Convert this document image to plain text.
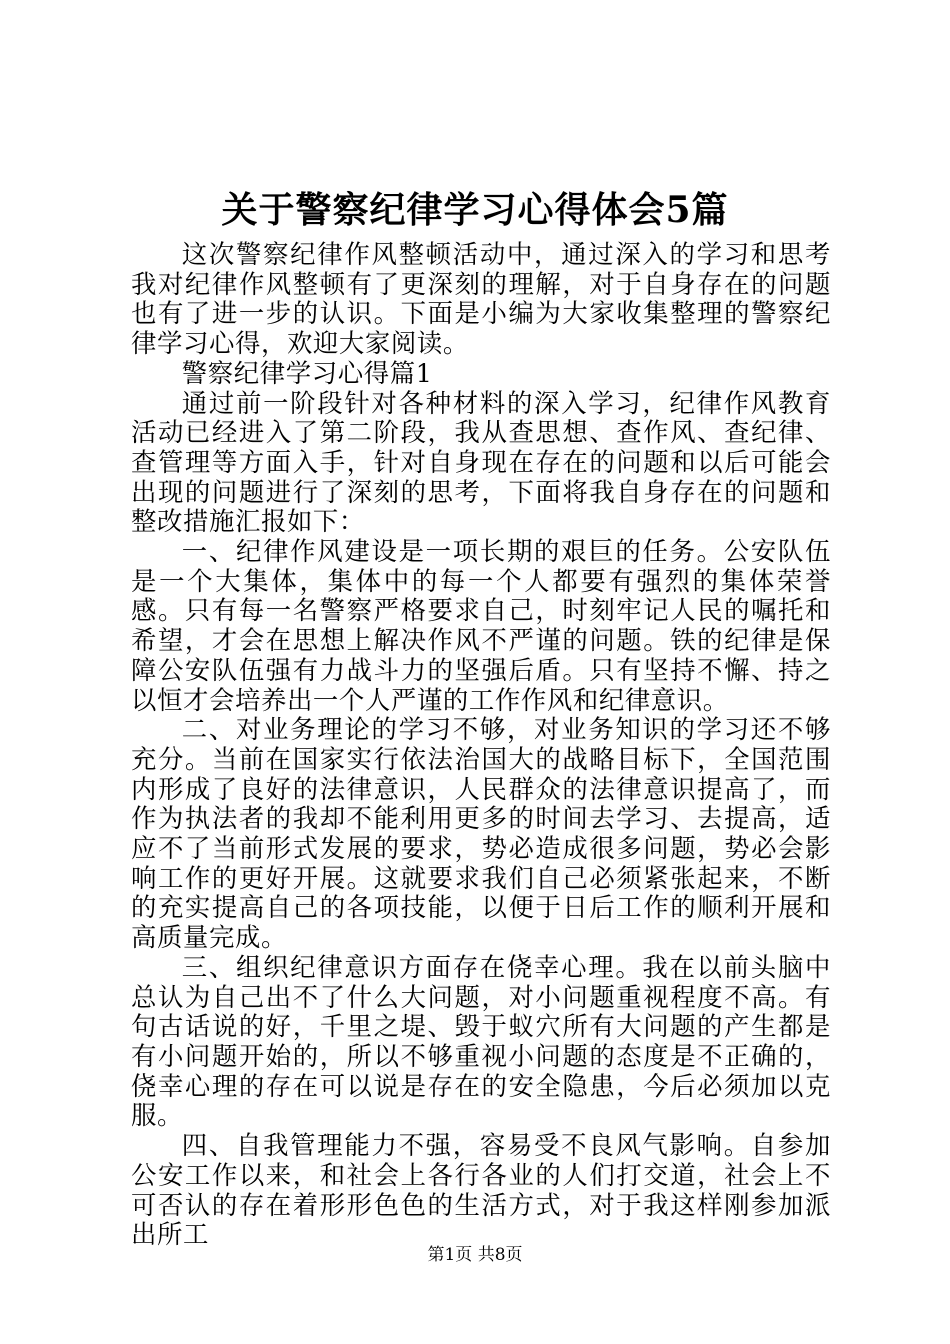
关于警察纪律学习心得体会5篇

这次警察纪律作风整顿活动中，通过深入的学习和思考我对纪律作风整顿有了更深刻的理解，对于自身存在的问题也有了进一步的认识。下面是小编为大家收集整理的警察纪律学习心得，欢迎大家阅读。

警察纪律学习心得篇1

通过前一阶段针对各种材料的深入学习，纪律作风教育活动已经进入了第二阶段，我从查思想、查作风、查纪律、查管理等方面入手，针对自身现在存在的问题和以后可能会出现的问题进行了深刻的思考，下面将我自身存在的问题和整改措施汇报如下：

一、纪律作风建设是一项长期的艰巨的任务。公安队伍是一个大集体，集体中的每一个人都要有强烈的集体荣誉感。只有每一名警察严格要求自己，时刻牢记人民的嘱托和希望，才会在思想上解决作风不严谨的问题。铁的纪律是保障公安队伍强有力战斗力的坚强后盾。只有坚持不懈、持之以恒才会培养出一个人严谨的工作作风和纪律意识。

二、对业务理论的学习不够，对业务知识的学习还不够充分。当前在国家实行依法治国大的战略目标下，全国范围内形成了良好的法律意识，人民群众的法律意识提高了，而作为执法者的我却不能利用更多的时间去学习、去提高，适应不了当前形式发展的要求，势必造成很多问题，势必会影响工作的更好开展。这就要求我们自己必须紧张起来，不断的充实提高自己的各项技能，以便于日后工作的顺利开展和高质量完成。

三、组织纪律意识方面存在侥幸心理。我在以前头脑中总认为自己出不了什么大问题，对小问题重视程度不高。有句古话说的好，千里之堤、毁于蚁穴所有大问题的产生都是有小问题开始的，所以不够重视小问题的态度是不正确的，侥幸心理的存在可以说是存在的安全隐患，今后必须加以克服。

四、自我管理能力不强，容易受不良风气影响。自参加公安工作以来，和社会上各行各业的人们打交道，社会上不可否认的存在着形形色色的生活方式，对于我这样刚参加派出所工

第1页 共8页
